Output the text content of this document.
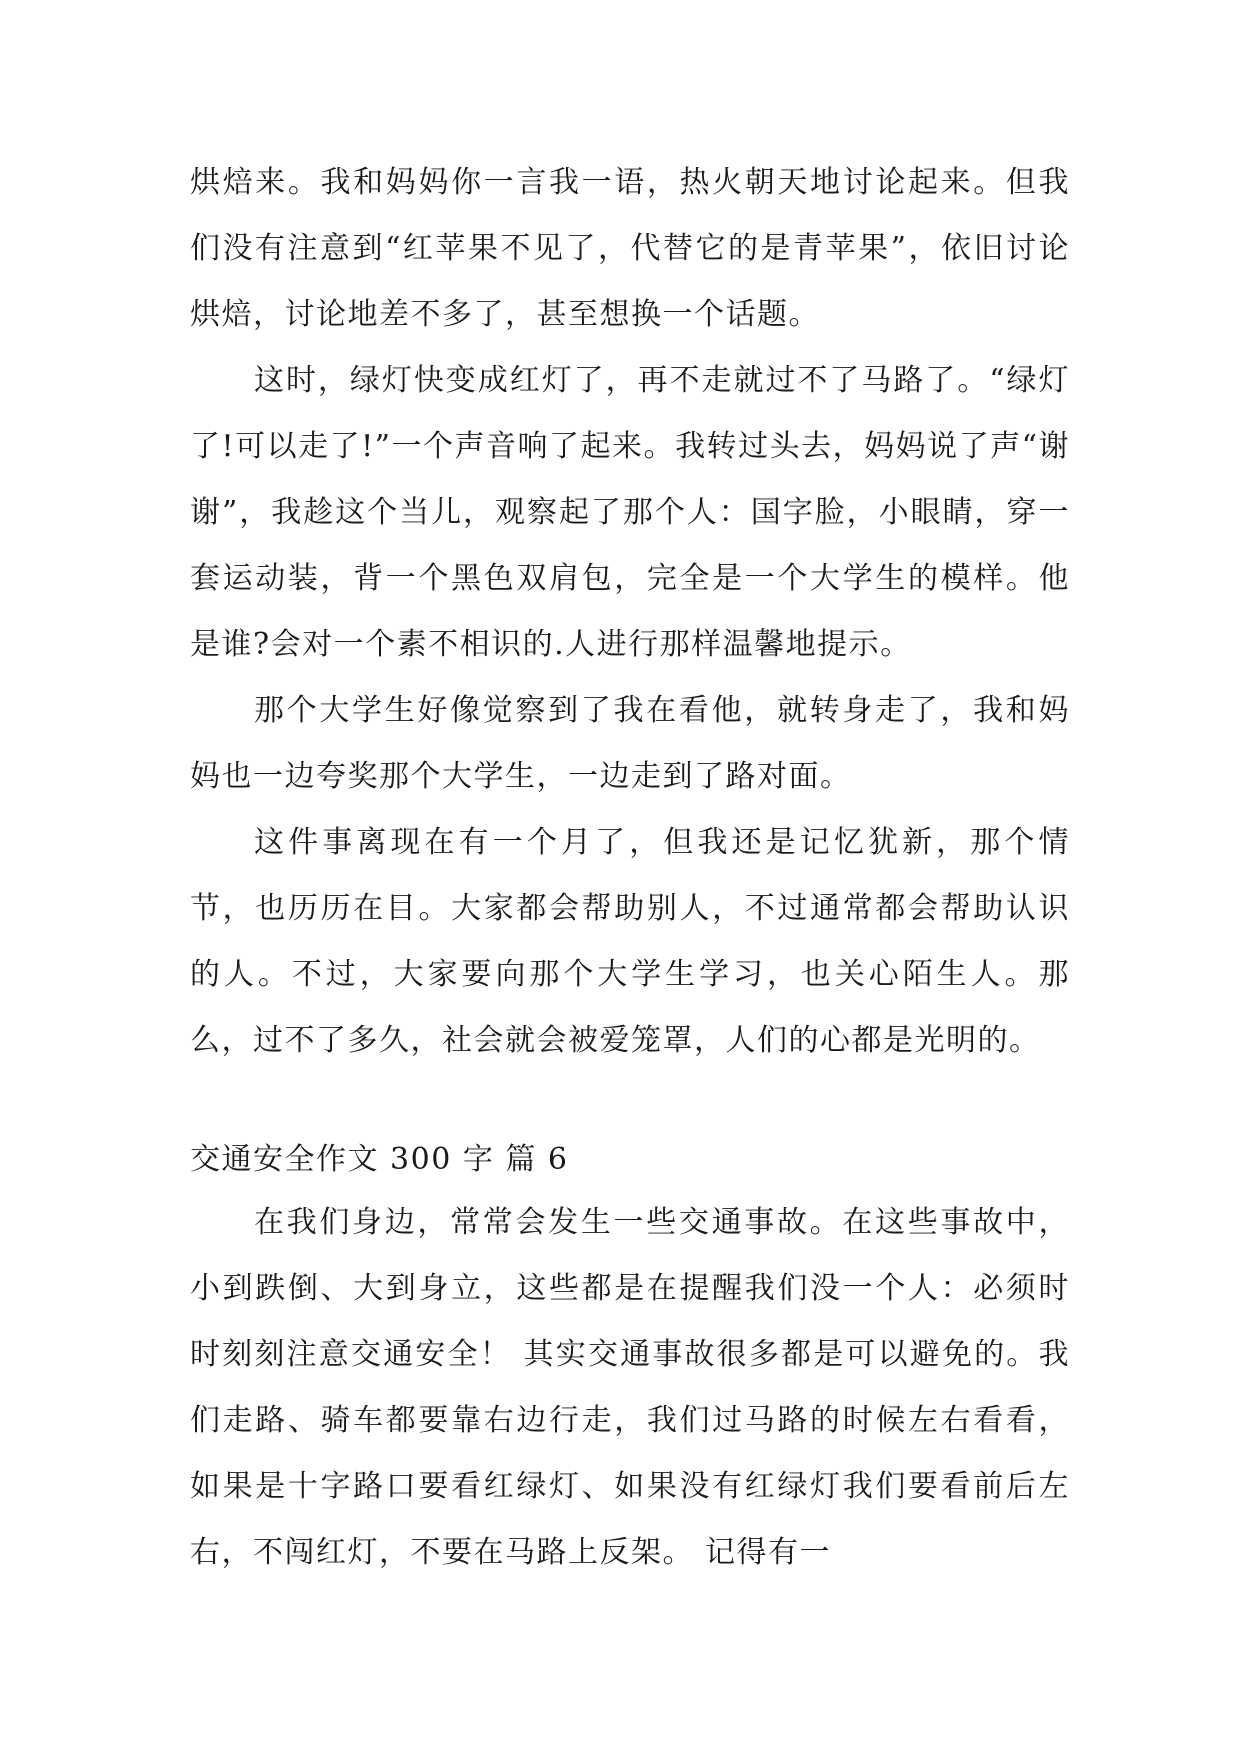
烘焙来。我和妈妈你一言我一语，热火朝天地讨论起来。但我们没有注意到“红苹果不见了，代替它的是青苹果”，依旧讨论烘焙，讨论地差不多了，甚至想换一个话题。

这时，绿灯快变成红灯了，再不走就过不了马路了。“绿灯了!可以走了!”一个声音响了起来。我转过头去，妈妈说了声“谢谢”，我趁这个当儿，观察起了那个人：国字脸，小眼睛，穿一套运动装，背一个黑色双肩包，完全是一个大学生的模样。他是谁?会对一个素不相识的.人进行那样温馨地提示。

那个大学生好像觉察到了我在看他，就转身走了，我和妈妈也一边夸奖那个大学生，一边走到了路对面。

这件事离现在有一个月了，但我还是记忆犹新，那个情节，也历历在目。大家都会帮助别人，不过通常都会帮助认识的人。不过，大家要向那个大学生学习，也关心陌生人。那么，过不了多久，社会就会被爱笼罩，人们的心都是光明的。

交通安全作文 300 字 篇 6

在我们身边，常常会发生一些交通事故。在这些事故中，小到跌倒、大到身立，这些都是在提醒我们没一个人：必须时时刻刻注意交通安全！ 其实交通事故很多都是可以避免的。我们走路、骑车都要靠右边行走，我们过马路的时候左右看看，如果是十字路口要看红绿灯、如果没有红绿灯我们要看前后左右，不闯红灯，不要在马路上反架。 记得有一
